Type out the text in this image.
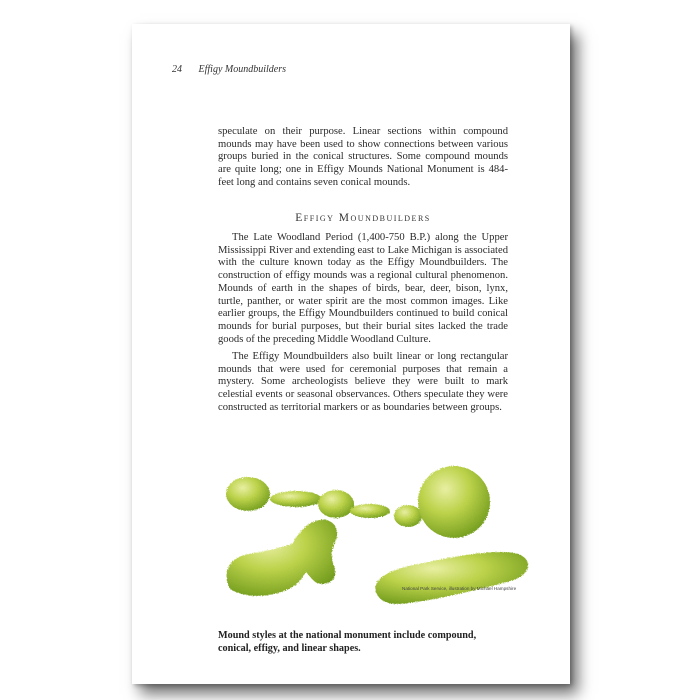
24 Effigy Moundbuilders

speculate on their purpose. Linear sections within compound mounds may have been used to show connections between various groups buried in the conical structures. Some compound mounds are quite long; one in Effigy Mounds National Monument is 484-feet long and contains seven conical mounds.

Effigy Moundbuilders

The Late Woodland Period (1,400-750 B.P.) along the Upper Mississippi River and extending east to Lake Michigan is associated with the culture known today as the Effigy Moundbuilders. The construction of effigy mounds was a regional cultural phenomenon. Mounds of earth in the shapes of birds, bear, deer, bison, lynx, turtle, panther, or water spirit are the most common images. Like earlier groups, the Effigy Moundbuilders continued to build conical mounds for burial purposes, but their burial sites lacked the trade goods of the preceding Middle Woodland Culture.

The Effigy Moundbuilders also built linear or long rectangular mounds that were used for ceremonial purposes that remain a mystery. Some archeologists believe they were built to mark celestial events or seasonal observances. Others speculate they were constructed as territorial markers or as boundaries between groups.

National Park Service, illustration by Michael Hampshire

Mound styles at the national monument include compound, conical, effigy, and linear shapes.
